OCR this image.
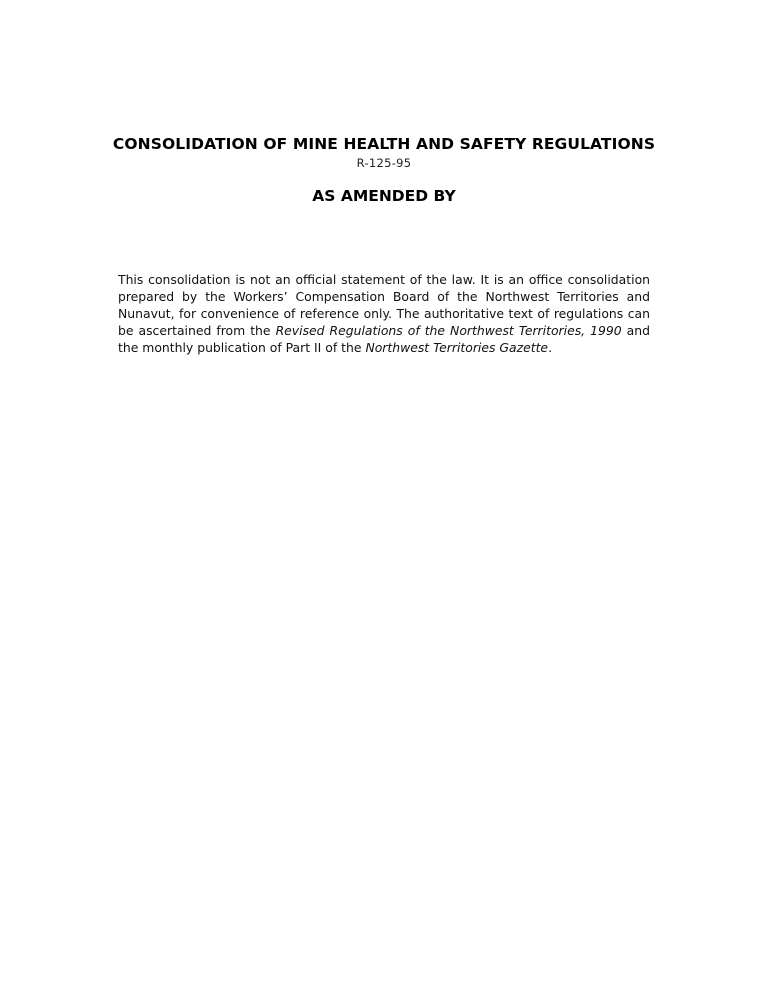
CONSOLIDATION OF MINE HEALTH AND SAFETY REGULATIONS
R-125-95
AS AMENDED BY

This consolidation is not an official statement of the law. It is an office consolidation prepared by the Workers’ Compensation Board of the Northwest Territories and Nunavut, for convenience of reference only. The authoritative text of regulations can be ascertained from the Revised Regulations of the Northwest Territories, 1990 and the monthly publication of Part II of the Northwest Territories Gazette.
